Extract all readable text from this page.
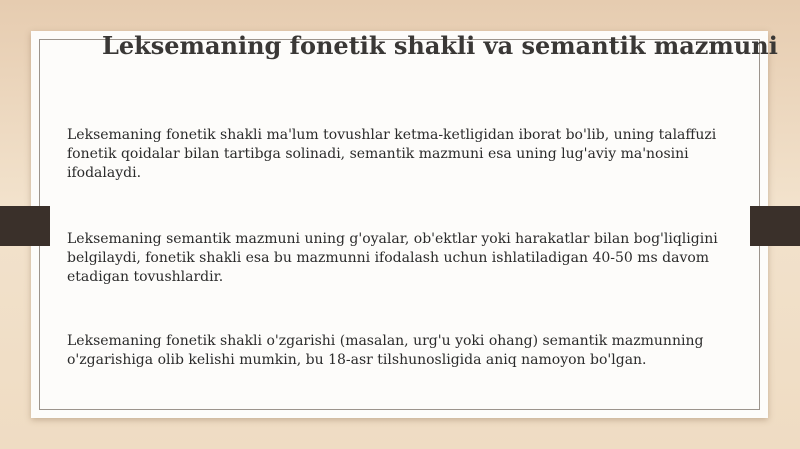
Leksemaning fonetik shakli va semantik mazmuni

Leksemaning fonetik shakli ma'lum tovushlar ketma-ketligidan iborat bo'lib, uning talaffuzi fonetik qoidalar bilan tartibga solinadi, semantik mazmuni esa uning lug'aviy ma'nosini ifodalaydi.

Leksemaning semantik mazmuni uning g'oyalar, ob'ektlar yoki harakatlar bilan bog'liqligini belgilaydi, fonetik shakli esa bu mazmunni ifodalash uchun ishlatiladigan 40-50 ms davom etadigan tovushlardir.

Leksemaning fonetik shakli o'zgarishi (masalan, urg'u yoki ohang) semantik mazmunning o'zgarishiga olib kelishi mumkin, bu 18-asr tilshunosligida aniq namoyon bo'lgan.
